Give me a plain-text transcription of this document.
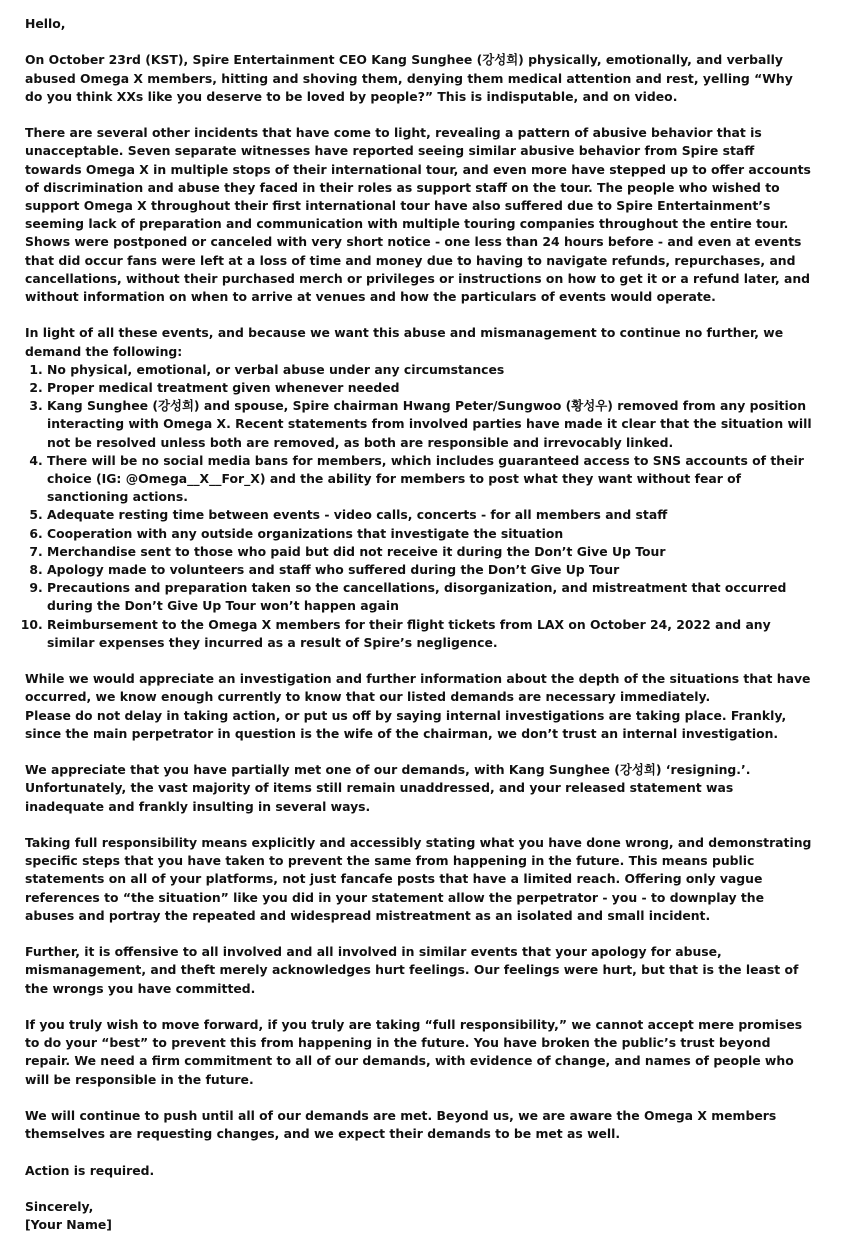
Hello,

On October 23rd (KST), Spire Entertainment CEO Kang Sunghee (강성희) physically, emotionally, and verbally abused Omega X members, hitting and shoving them, denying them medical attention and rest, yelling “Why do you think XXs like you deserve to be loved by people?” This is indisputable, and on video.

There are several other incidents that have come to light, revealing a pattern of abusive behavior that is unacceptable. Seven separate witnesses have reported seeing similar abusive behavior from Spire staff towards Omega X in multiple stops of their international tour, and even more have stepped up to offer accounts of discrimination and abuse they faced in their roles as support staff on the tour. The people who wished to support Omega X throughout their first international tour have also suffered due to Spire Entertainment’s seeming lack of preparation and communication with multiple touring companies throughout the entire tour. Shows were postponed or canceled with very short notice - one less than 24 hours before - and even at events that did occur fans were left at a loss of time and money due to having to navigate refunds, repurchases, and cancellations, without their purchased merch or privileges or instructions on how to get it or a refund later, and without information on when to arrive at venues and how the particulars of events would operate.

In light of all these events, and because we want this abuse and mismanagement to continue no further, we demand the following:

1. No physical, emotional, or verbal abuse under any circumstances
2. Proper medical treatment given whenever needed
3. Kang Sunghee (강성희) and spouse, Spire chairman Hwang Peter/Sungwoo (황성우) removed from any position interacting with Omega X. Recent statements from involved parties have made it clear that the situation will not be resolved unless both are removed, as both are responsible and irrevocably linked.
4. There will be no social media bans for members, which includes guaranteed access to SNS accounts of their choice (IG: @Omega__X__For_X) and the ability for members to post what they want without fear of sanctioning actions.
5. Adequate resting time between events - video calls, concerts - for all members and staff
6. Cooperation with any outside organizations that investigate the situation
7. Merchandise sent to those who paid but did not receive it during the Don’t Give Up Tour
8. Apology made to volunteers and staff who suffered during the Don’t Give Up Tour
9. Precautions and preparation taken so the cancellations, disorganization, and mistreatment that occurred during the Don’t Give Up Tour won’t happen again
10. Reimbursement to the Omega X members for their flight tickets from LAX on October 24, 2022 and any similar expenses they incurred as a result of Spire’s negligence.

While we would appreciate an investigation and further information about the depth of the situations that have occurred, we know enough currently to know that our listed demands are necessary immediately.

Please do not delay in taking action, or put us off by saying internal investigations are taking place. Frankly, since the main perpetrator in question is the wife of the chairman, we don’t trust an internal investigation.

We appreciate that you have partially met one of our demands, with Kang Sunghee (강성희) ‘resigning.’. Unfortunately, the vast majority of items still remain unaddressed, and your released statement was inadequate and frankly insulting in several ways.

Taking full responsibility means explicitly and accessibly stating what you have done wrong, and demonstrating specific steps that you have taken to prevent the same from happening in the future. This means public statements on all of your platforms, not just fancafe posts that have a limited reach. Offering only vague references to “the situation” like you did in your statement allow the perpetrator - you - to downplay the abuses and portray the repeated and widespread mistreatment as an isolated and small incident.

Further, it is offensive to all involved and all involved in similar events that your apology for abuse, mismanagement, and theft merely acknowledges hurt feelings. Our feelings were hurt, but that is the least of the wrongs you have committed.

If you truly wish to move forward, if you truly are taking “full responsibility,” we cannot accept mere promises to do your “best” to prevent this from happening in the future. You have broken the public’s trust beyond repair. We need a firm commitment to all of our demands, with evidence of change, and names of people who will be responsible in the future.

We will continue to push until all of our demands are met. Beyond us, we are aware the Omega X members themselves are requesting changes, and we expect their demands to be met as well.

Action is required.

Sincerely,

[Your Name]
